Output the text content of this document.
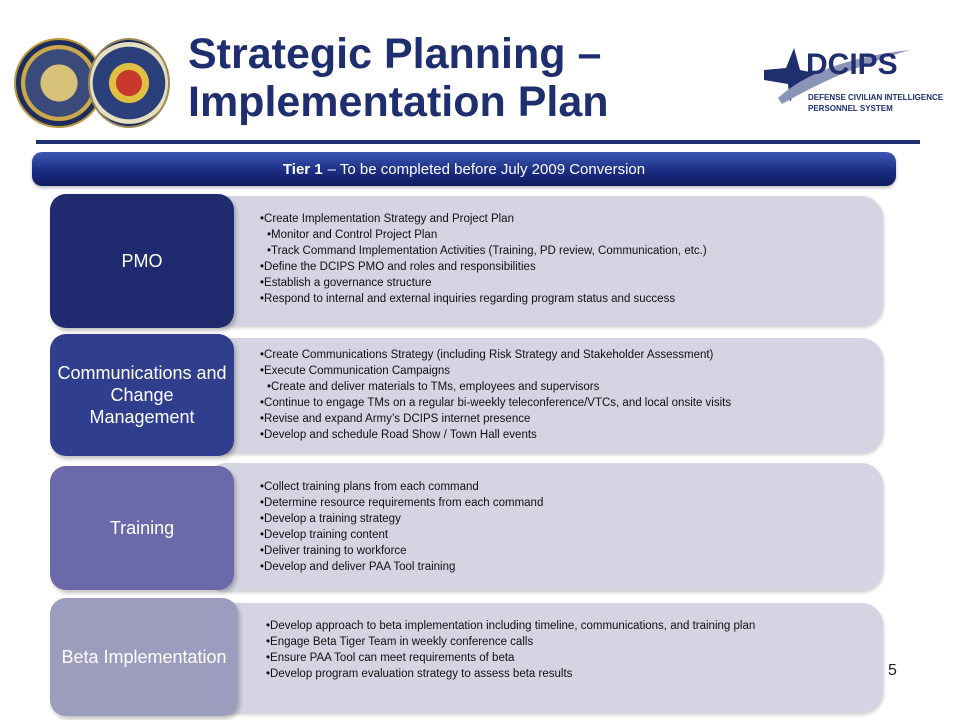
Strategic Planning – Implementation Plan
DCIPS
DEFENSE CIVILIAN INTELLIGENCE
PERSONNEL SYSTEM
Tier 1 – To be completed before July 2009 Conversion
PMO
• Create Implementation Strategy and Project Plan
• Monitor and Control Project Plan
• Track Command Implementation Activities (Training, PD review, Communication, etc.)
• Define the DCIPS PMO and roles and responsibilities
• Establish a governance structure
• Respond to internal and external inquiries regarding program status and success
Communications and Change Management
• Create Communications Strategy (including Risk Strategy and Stakeholder Assessment)
• Execute Communication Campaigns
• Create and deliver materials to TMs, employees and supervisors
• Continue to engage TMs on a regular bi-weekly teleconference/VTCs, and local onsite visits
• Revise and expand Army’s DCIPS internet presence
• Develop and schedule Road Show / Town Hall events
Training
• Collect training plans from each command
• Determine resource requirements from each command
• Develop a training strategy
• Develop training content
• Deliver training to workforce
• Develop and deliver PAA Tool training
Beta Implementation
• Develop approach to beta implementation including timeline, communications, and training plan
• Engage Beta Tiger Team in weekly conference calls
• Ensure PAA Tool can meet requirements of beta
• Develop program evaluation strategy to assess beta results	5
